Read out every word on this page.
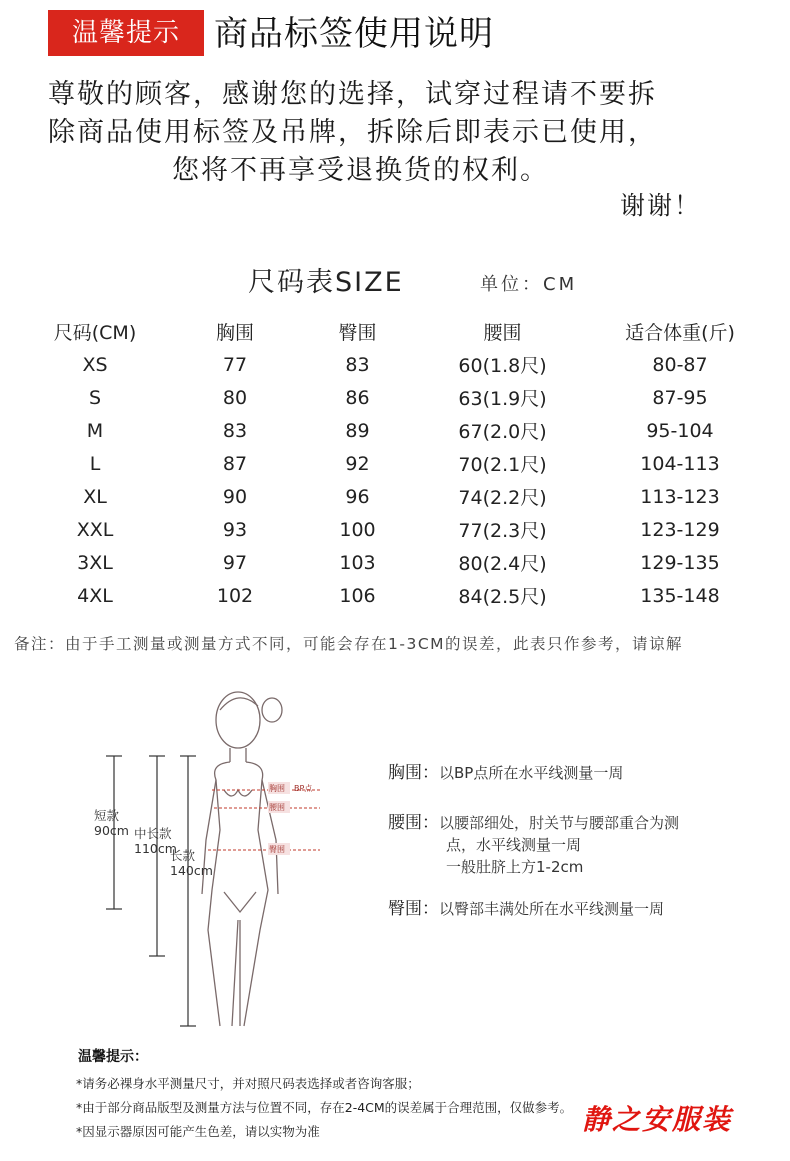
温馨提示	商品标签使用说明
尊敬的顾客，感谢您的选择，试穿过程请不要拆
除商品使用标签及吊牌，拆除后即表示已使用，
您将不再享受退换货的权利。
谢谢！
尺码表SIZE	单位：CM
尺码(CM)	胸围	臀围	腰围	适合体重(斤)
XS	77	83	60(1.8尺)	80-87
S	80	86	63(1.9尺)	87-95
M	83	89	67(2.0尺)	95-104
L	87	92	70(2.1尺)	104-113
XL	90	96	74(2.2尺)	113-123
XXL	93	100	77(2.3尺)	123-129
3XL	97	103	80(2.4尺)	129-135
4XL	102	106	84(2.5尺)	135-148
备注：由于手工测量或测量方式不同，可能会存在1-3CM的误差，此表只作参考，请谅解
胸围 BP点
腰围
臀围
短款
90cm 中长款
110cm
长款
140cm
胸围：以BP点所在水平线测量一周
腰围：以腰部细处，肘关节与腰部重合为测
点，水平线测量一周
一般肚脐上方1-2cm
臀围：以臀部丰满处所在水平线测量一周
温馨提示：
*请务必裸身水平测量尺寸，并对照尺码表选择或者咨询客服；
*由于部分商品版型及测量方法与位置不同，存在2-4CM的误差属于合理范围，仅做参考。
*因显示器原因可能产生色差，请以实物为准	静之安服装
